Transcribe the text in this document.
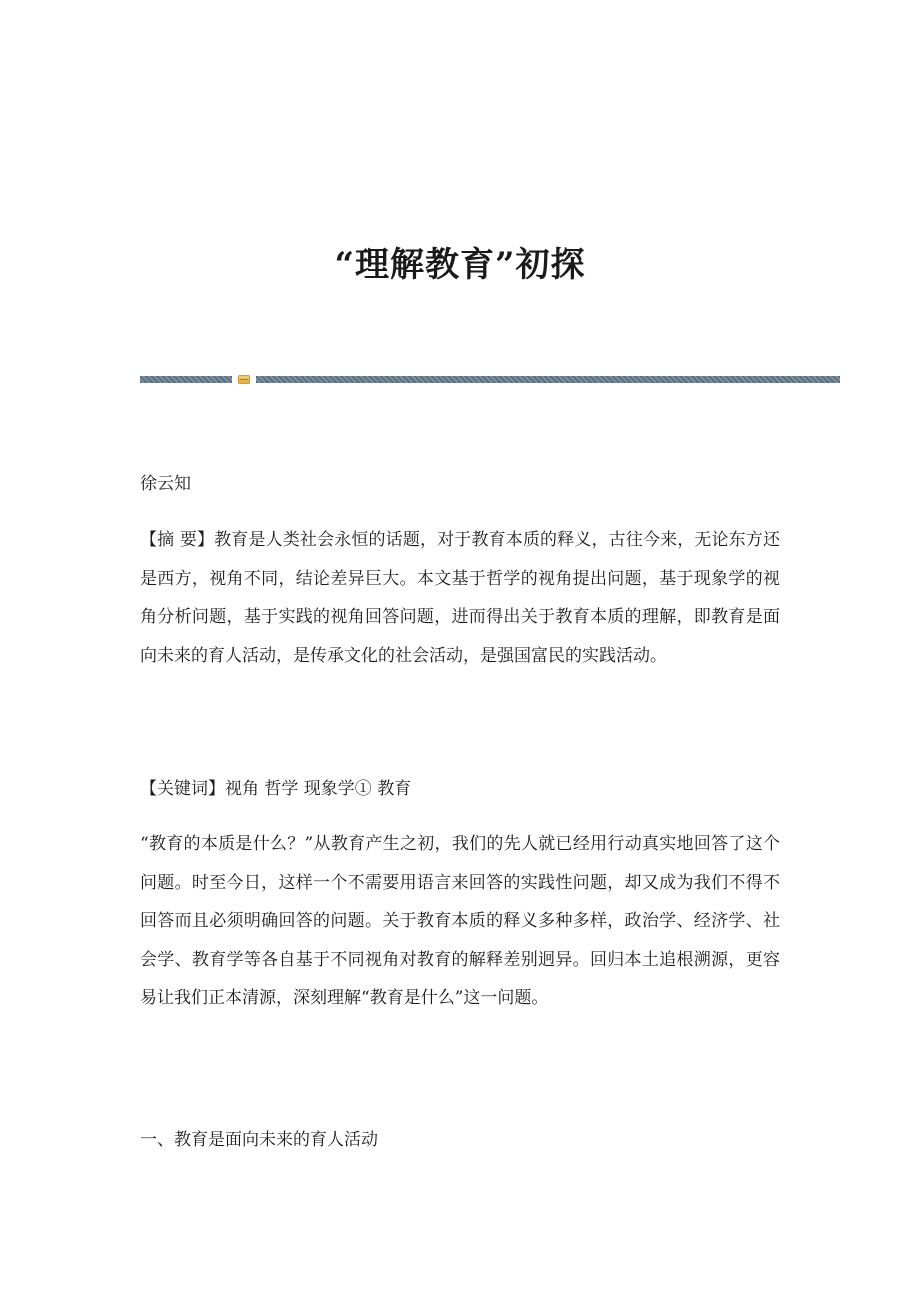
“理解教育”初探

徐云知

【摘 要】教育是人类社会永恒的话题，对于教育本质的释义，古往今来，无论东方还是西方，视角不同，结论差异巨大。本文基于哲学的视角提出问题，基于现象学的视角分析问题，基于实践的视角回答问题，进而得出关于教育本质的理解，即教育是面向未来的育人活动，是传承文化的社会活动，是强国富民的实践活动。

【关键词】视角 哲学 现象学① 教育

“教育的本质是什么？”从教育产生之初，我们的先人就已经用行动真实地回答了这个问题。时至今日，这样一个不需要用语言来回答的实践性问题，却又成为我们不得不回答而且必须明确回答的问题。关于教育本质的释义多种多样，政治学、经济学、社会学、教育学等各自基于不同视角对教育的解释差别迥异。回归本土追根溯源，更容易让我们正本清源，深刻理解“教育是什么”这一问题。

一、教育是面向未来的育人活动
